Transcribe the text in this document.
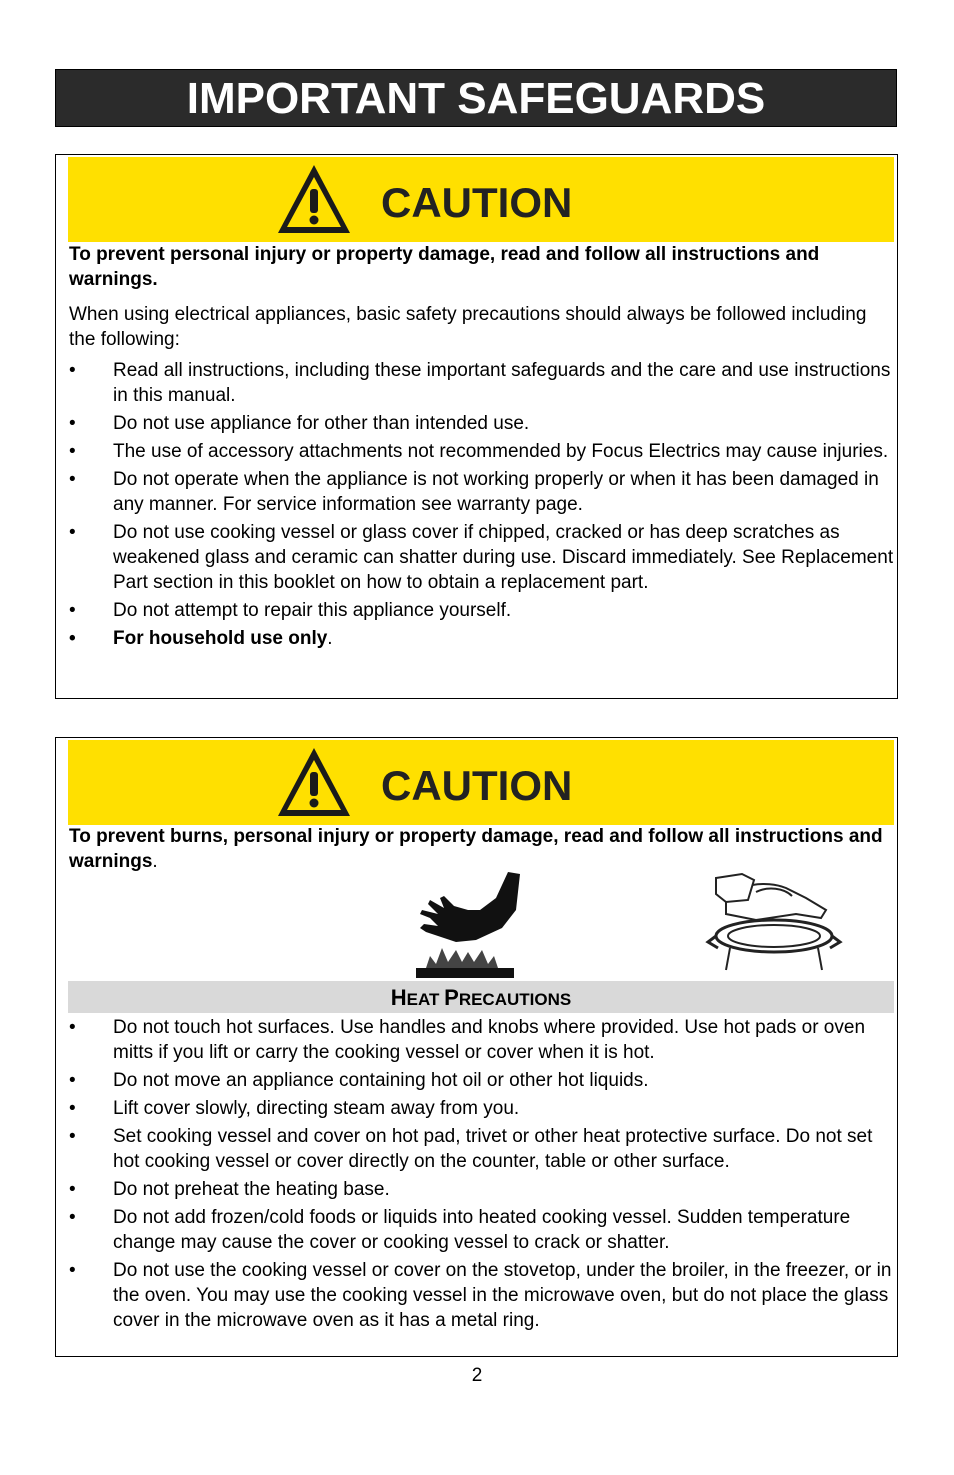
IMPORTANT SAFEGUARDS
CAUTION
To prevent personal injury or property damage, read and follow all instructions and warnings.
When using electrical appliances, basic safety precautions should always be followed including the following:
• Read all instructions, including these important safeguards and the care and use instructions in this manual.
• Do not use appliance for other than intended use.
• The use of accessory attachments not recommended by Focus Electrics may cause injuries.
• Do not operate when the appliance is not working properly or when it has been damaged in any manner. For service information see warranty page.
• Do not use cooking vessel or glass cover if chipped, cracked or has deep scratches as weakened glass and ceramic can shatter during use. Discard immediately. See Replacement Part section in this booklet on how to obtain a replacement part.
• Do not attempt to repair this appliance yourself.
• For household use only.
CAUTION
To prevent burns, personal injury or property damage, read and follow all instructions and warnings.
HEAT PRECAUTIONS
• Do not touch hot surfaces. Use handles and knobs where provided. Use hot pads or oven mitts if you lift or carry the cooking vessel or cover when it is hot.
• Do not move an appliance containing hot oil or other hot liquids.
• Lift cover slowly, directing steam away from you.
• Set cooking vessel and cover on hot pad, trivet or other heat protective surface. Do not set hot cooking vessel or cover directly on the counter, table or other surface.
• Do not preheat the heating base.
• Do not add frozen/cold foods or liquids into heated cooking vessel. Sudden temperature change may cause the cover or cooking vessel to crack or shatter.
• Do not use the cooking vessel or cover on the stovetop, under the broiler, in the freezer, or in the oven. You may use the cooking vessel in the microwave oven, but do not place the glass cover in the microwave oven as it has a metal ring.
2
